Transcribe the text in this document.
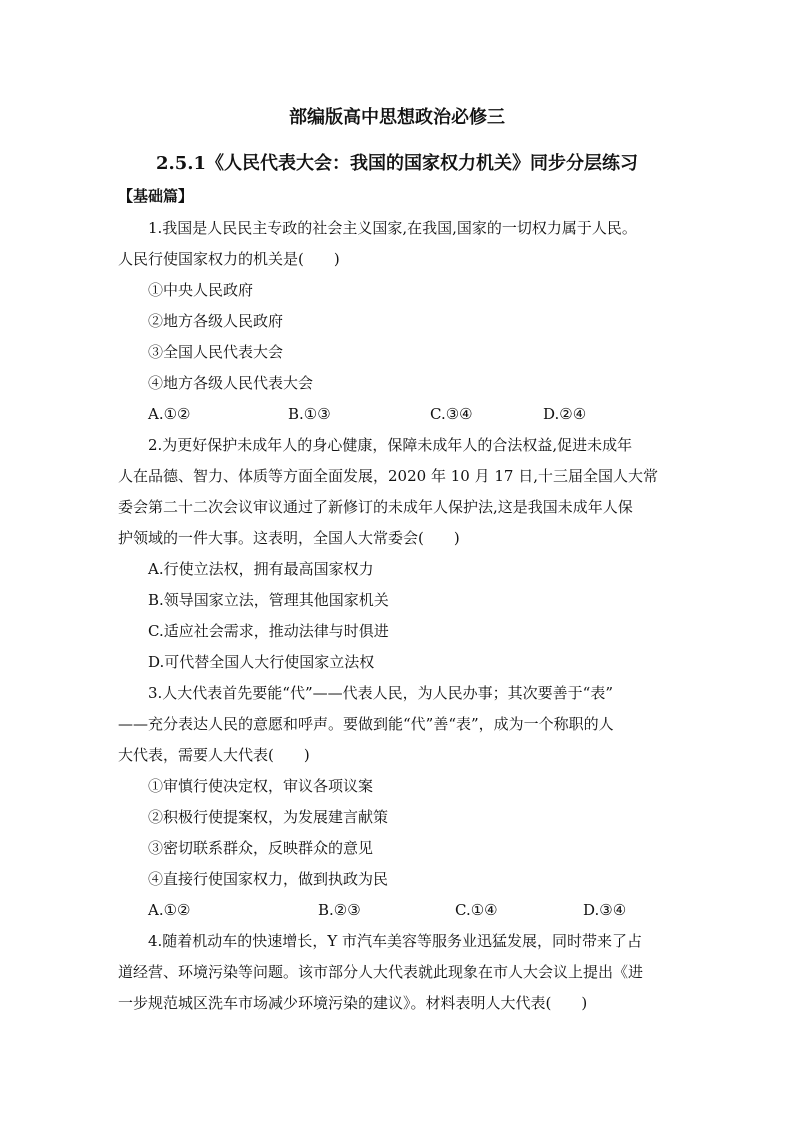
部编版高中思想政治必修三
2.5.1《人民代表大会：我国的国家权力机关》同步分层练习
【基础篇】
1.我国是人民民主专政的社会主义国家,在我国,国家的一切权力属于人民。
人民行使国家权力的机关是(　　)
①中央人民政府
②地方各级人民政府
③全国人民代表大会
④地方各级人民代表大会
A.①②	B.①③	C.③④	D.②④
2.为更好保护未成年人的身心健康，保障未成年人的合法权益,促进未成年
人在品德、智力、体质等方面全面发展，2020 年 10 月 17 日,十三届全国人大常
委会第二十二次会议审议通过了新修订的未成年人保护法,这是我国未成年人保
护领域的一件大事。这表明，全国人大常委会(　　)
A.行使立法权，拥有最高国家权力
B.领导国家立法，管理其他国家机关
C.适应社会需求，推动法律与时俱进
D.可代替全国人大行使国家立法权
3.人大代表首先要能“代”——代表人民，为人民办事；其次要善于“表”
——充分表达人民的意愿和呼声。要做到能“代”善“表”，成为一个称职的人
大代表，需要人大代表(　　)
①审慎行使决定权，审议各项议案
②积极行使提案权，为发展建言献策
③密切联系群众，反映群众的意见
④直接行使国家权力，做到执政为民
A.①②	B.②③	C.①④	D.③④
4.随着机动车的快速增长，Y 市汽车美容等服务业迅猛发展，同时带来了占
道经营、环境污染等问题。该市部分人大代表就此现象在市人大会议上提出《进
一步规范城区洗车市场减少环境污染的建议》。材料表明人大代表(　　)
